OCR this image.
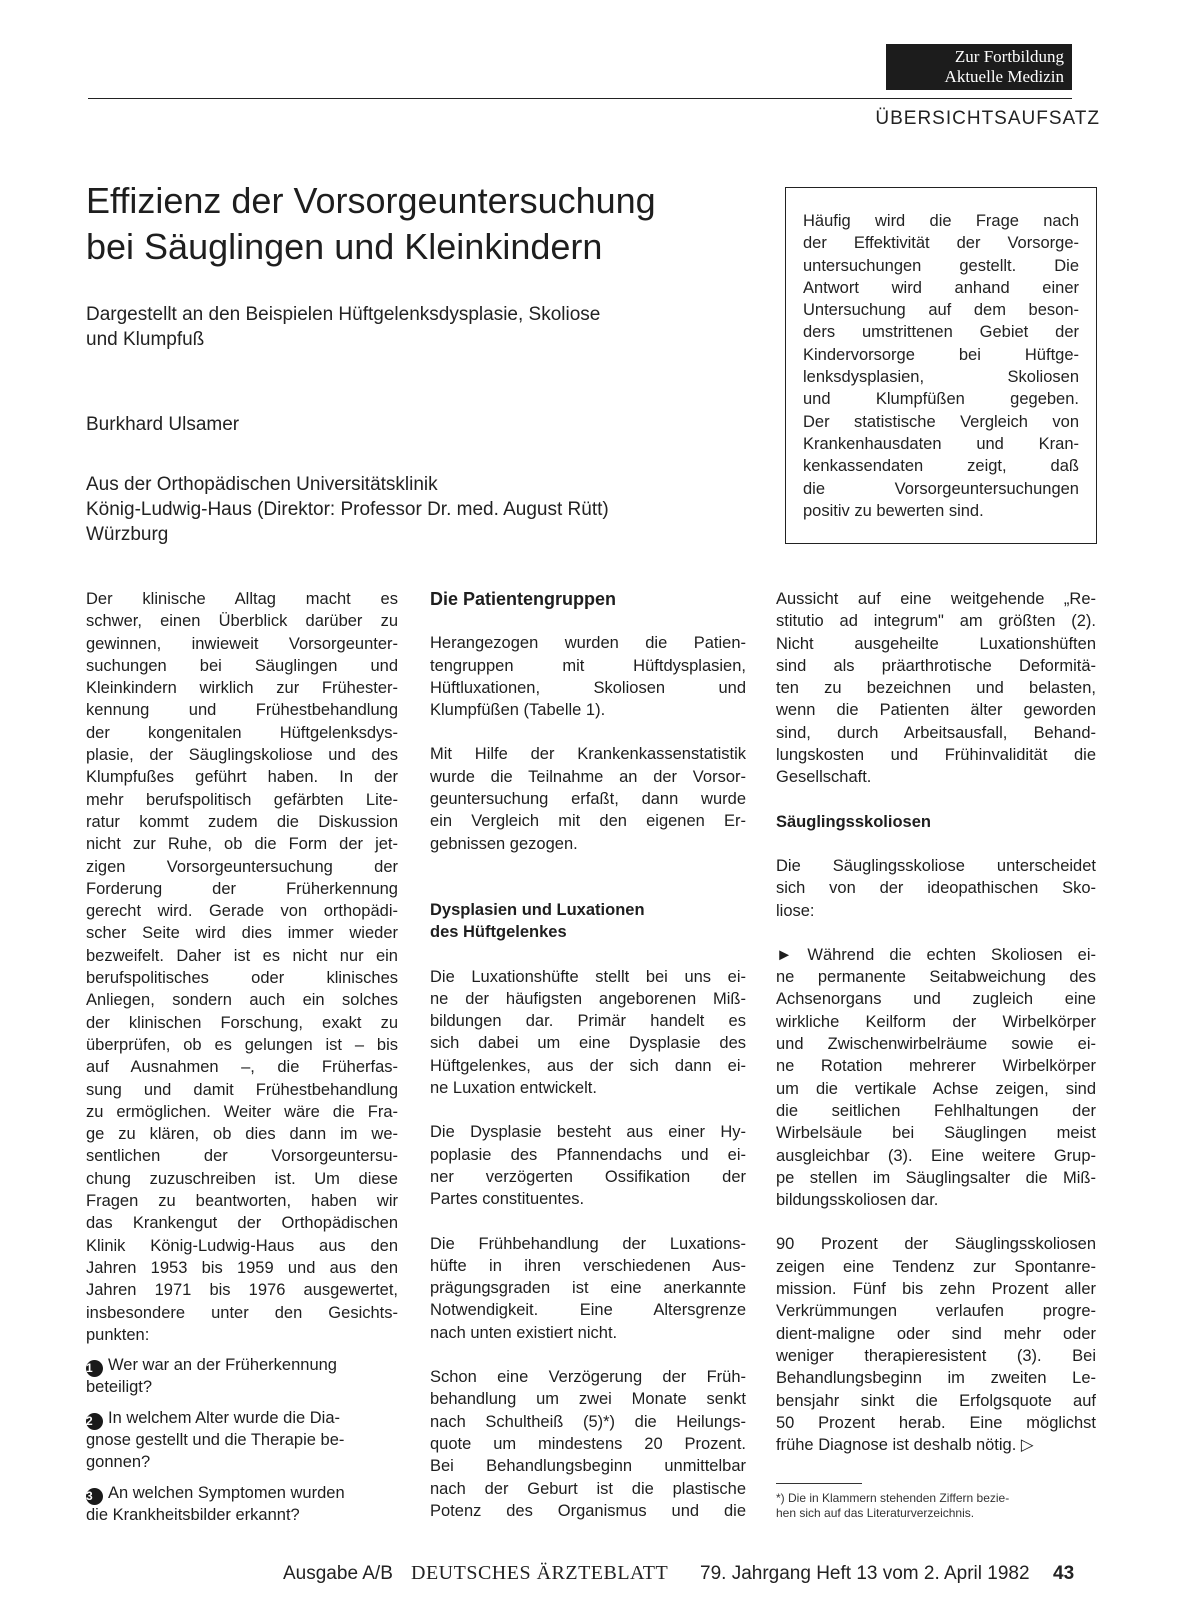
Zur Fortbildung
Aktuelle Medizin
ÜBERSICHTSAUFSATZ
Effizienz der Vorsorgeuntersuchung
bei Säuglingen und Kleinkindern
Dargestellt an den Beispielen Hüftgelenksdysplasie, Skoliose
und Klumpfuß
Burkhard Ulsamer
Aus der Orthopädischen Universitätsklinik
König-Ludwig-Haus (Direktor: Professor Dr. med. August Rütt)
Würzburg
Häufig wird die Frage nach
der Effektivität der Vorsorge-
untersuchungen gestellt. Die
Antwort wird anhand einer
Untersuchung auf dem beson-
ders umstrittenen Gebiet der
Kindervorsorge bei Hüftge-
lenksdysplasien, Skoliosen
und Klumpfüßen gegeben.
Der statistische Vergleich von
Krankenhausdaten und Kran-
kenkassendaten zeigt, daß
die Vorsorgeuntersuchungen
positiv zu bewerten sind.
Der klinische Alltag macht es
schwer, einen Überblick darüber zu
gewinnen, inwieweit Vorsorgeunter-
suchungen bei Säuglingen und
Kleinkindern wirklich zur Frühester-
kennung und Frühestbehandlung
der kongenitalen Hüftgelenksdys-
plasie, der Säuglingskoliose und des
Klumpfußes geführt haben. In der
mehr berufspolitisch gefärbten Lite-
ratur kommt zudem die Diskussion
nicht zur Ruhe, ob die Form der jet-
zigen Vorsorgeuntersuchung der
Forderung der Früherkennung
gerecht wird. Gerade von orthopädi-
scher Seite wird dies immer wieder
bezweifelt. Daher ist es nicht nur ein
berufspolitisches oder klinisches
Anliegen, sondern auch ein solches
der klinischen Forschung, exakt zu
überprüfen, ob es gelungen ist – bis
auf Ausnahmen –, die Früherfas-
sung und damit Frühestbehandlung
zu ermöglichen. Weiter wäre die Fra-
ge zu klären, ob dies dann im we-
sentlichen der Vorsorgeuntersu-
chung zuzuschreiben ist. Um diese
Fragen zu beantworten, haben wir
das Krankengut der Orthopädischen
Klinik König-Ludwig-Haus aus den
Jahren 1953 bis 1959 und aus den
Jahren 1971 bis 1976 ausgewertet,
insbesondere unter den Gesichts-
punkten:
1 Wer war an der Früherkennung
beteiligt?
2 In welchem Alter wurde die Dia-
gnose gestellt und die Therapie be-
gonnen?
3 An welchen Symptomen wurden
die Krankheitsbilder erkannt?
Die Patientengruppen
Herangezogen wurden die Patien-
tengruppen mit Hüftdysplasien,
Hüftluxationen, Skoliosen und
Klumpfüßen (Tabelle 1).
Mit Hilfe der Krankenkassenstatistik
wurde die Teilnahme an der Vorsor-
geuntersuchung erfaßt, dann wurde
ein Vergleich mit den eigenen Er-
gebnissen gezogen.
Dysplasien und Luxationen
des Hüftgelenkes
Die Luxationshüfte stellt bei uns ei-
ne der häufigsten angeborenen Miß-
bildungen dar. Primär handelt es
sich dabei um eine Dysplasie des
Hüftgelenkes, aus der sich dann ei-
ne Luxation entwickelt.
Die Dysplasie besteht aus einer Hy-
poplasie des Pfannendachs und ei-
ner verzögerten Ossifikation der
Partes constituentes.
Die Frühbehandlung der Luxations-
hüfte in ihren verschiedenen Aus-
prägungsgraden ist eine anerkannte
Notwendigkeit. Eine Altersgrenze
nach unten existiert nicht.
Schon eine Verzögerung der Früh-
behandlung um zwei Monate senkt
nach Schultheiß (5)*) die Heilungs-
quote um mindestens 20 Prozent.
Bei Behandlungsbeginn unmittelbar
nach der Geburt ist die plastische
Potenz des Organismus und die
Aussicht auf eine weitgehende „Re-
stitutio ad integrum" am größten (2).
Nicht ausgeheilte Luxationshüften
sind als präarthrotische Deformitä-
ten zu bezeichnen und belasten,
wenn die Patienten älter geworden
sind, durch Arbeitsausfall, Behand-
lungskosten und Frühinvalidität die
Gesellschaft.
Säuglingsskoliosen
Die Säuglingsskoliose unterscheidet
sich von der ideopathischen Sko-
liose:
► Während die echten Skoliosen ei-
ne permanente Seitabweichung des
Achsenorgans und zugleich eine
wirkliche Keilform der Wirbelkörper
und Zwischenwirbelräume sowie ei-
ne Rotation mehrerer Wirbelkörper
um die vertikale Achse zeigen, sind
die seitlichen Fehlhaltungen der
Wirbelsäule bei Säuglingen meist
ausgleichbar (3). Eine weitere Grup-
pe stellen im Säuglingsalter die Miß-
bildungsskoliosen dar.
90 Prozent der Säuglingsskoliosen
zeigen eine Tendenz zur Spontanre-
mission. Fünf bis zehn Prozent aller
Verkrümmungen verlaufen progre-
dient-maligne oder sind mehr oder
weniger therapieresistent (3). Bei
Behandlungsbeginn im zweiten Le-
bensjahr sinkt die Erfolgsquote auf
50 Prozent herab. Eine möglichst
frühe Diagnose ist deshalb nötig. ▷
*) Die in Klammern stehenden Ziffern bezie-
hen sich auf das Literaturverzeichnis.
Ausgabe A/B DEUTSCHES ÄRZTEBLATT 79. Jahrgang Heft 13 vom 2. April 1982 43
